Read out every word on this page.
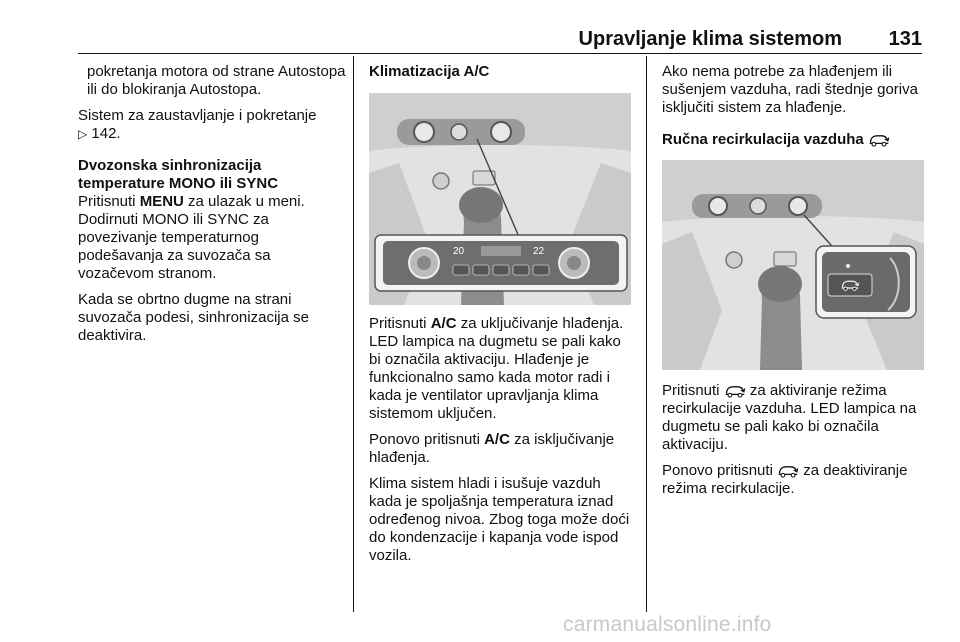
Upravljanje klima sistemom 131

pokretanja motora od strane Autostopa ili do blokiranja Autostopa.

Sistem za zaustavljanje i pokretanje
▷ 142.

Dvozonska sinhronizacija
temperature MONO ili SYNC

Pritisnuti MENU za ulazak u meni. Dodirnuti MONO ili SYNC za povezivanje temperaturnog podešavanja za suvozača sa vozačevom stranom.

Kada se obrtno dugme na strani suvozača podesi, sinhronizacija se deaktivira.

Klimatizacija A/C

20	22

Pritisnuti A/C za uključivanje hlađenja. LED lampica na dugmetu se pali kako bi označila aktivaciju. Hlađenje je funkcionalno samo kada motor radi i kada je ventilator upravljanja klima sistemom uključen.

Ponovo pritisnuti A/C za isključivanje hlađenja.

Klima sistem hladi i isušuje vazduh kada je spoljašnja temperatura iznad određenog nivoa. Zbog toga može doći do kondenzacije i kapanja vode ispod vozila.

Ako nema potrebe za hlađenjem ili sušenjem vazduha, radi štednje goriva isključiti sistem za hlađenje.

Ručna recirkulacija vazduha

Pritisnuti  za aktiviranje režima recirkulacije vazduha. LED lampica na dugmetu se pali kako bi označila aktivaciju.

Ponovo pritisnuti  za deaktiviranje režima recirkulacije.

carmanualsonline.info
